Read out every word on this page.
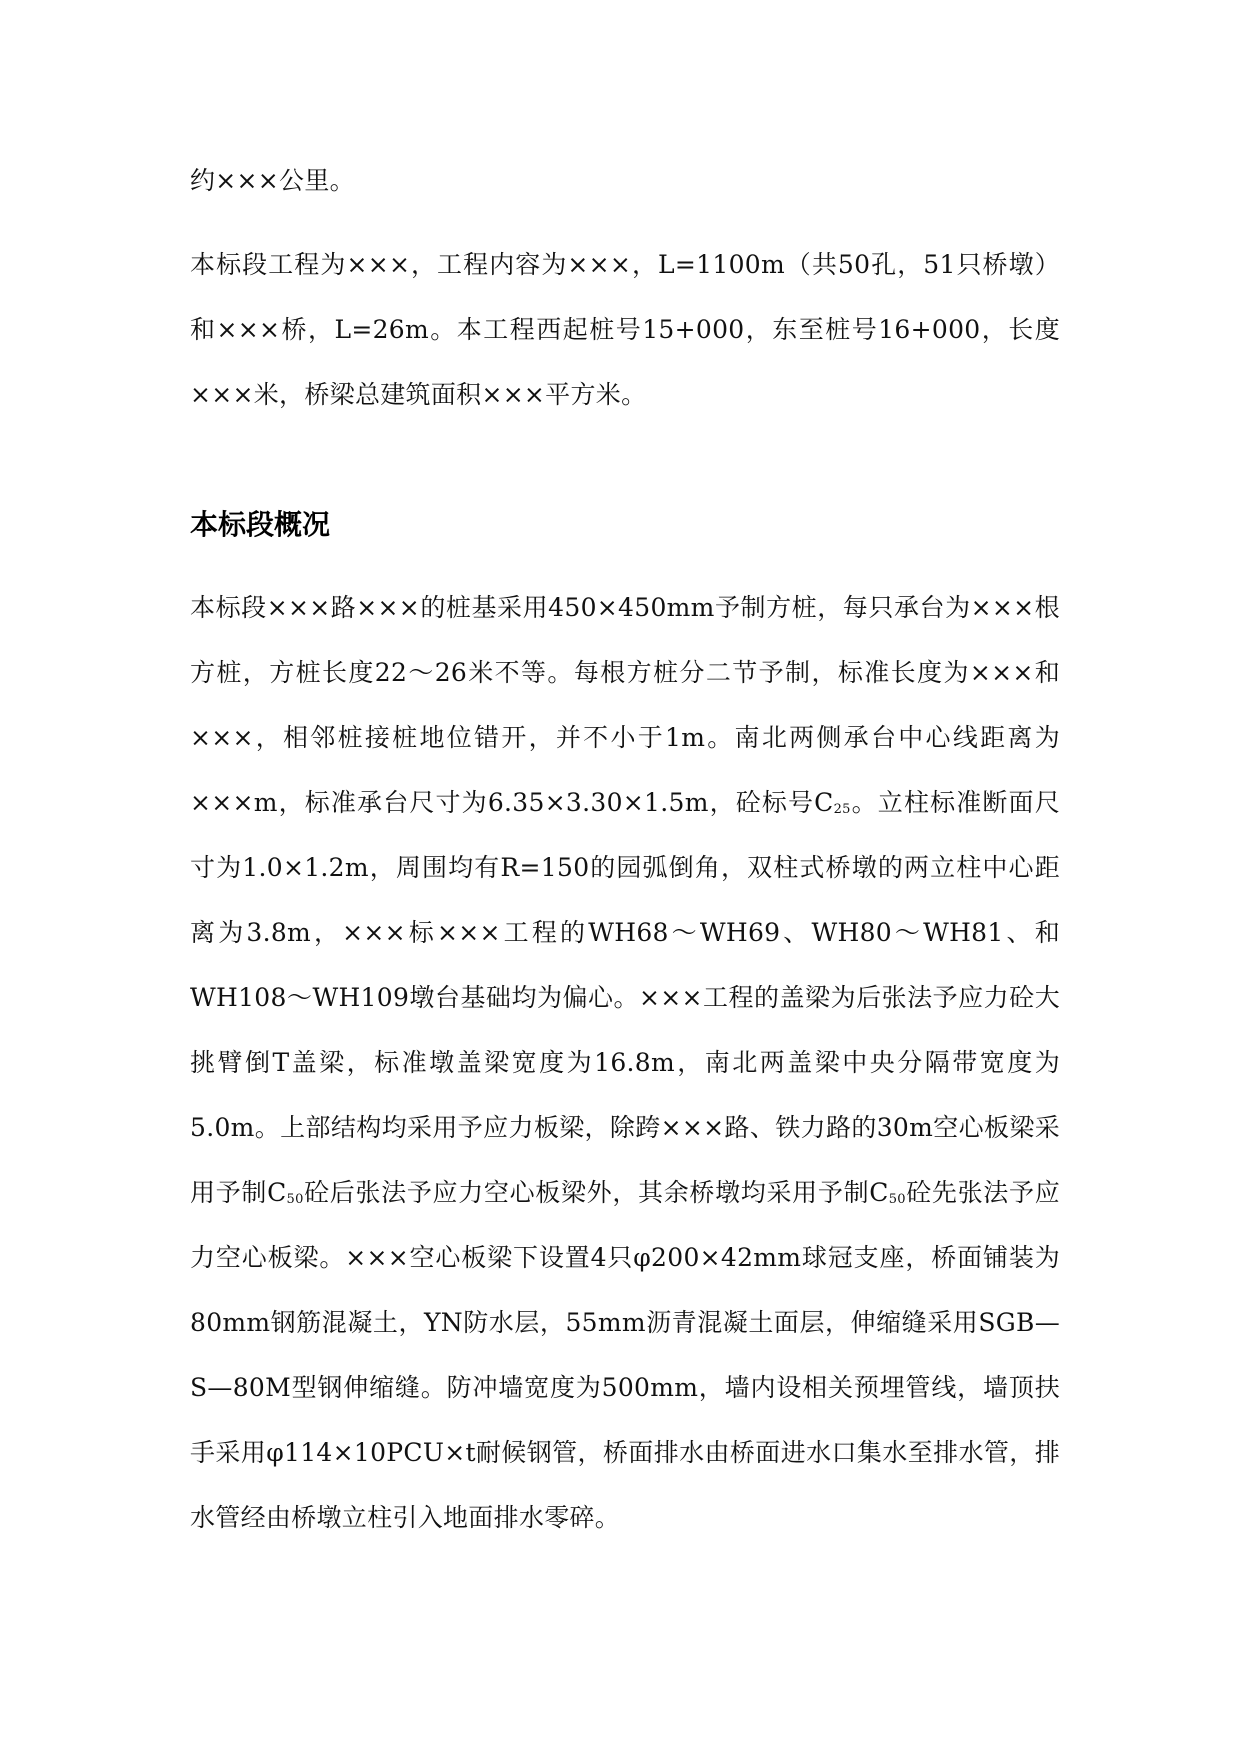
约×××公里。

本标段工程为×××，工程内容为×××，L=1100m（共50孔，51只桥墩）和×××桥，L=26m。本工程西起桩号15+000，东至桩号16+000，长度×××米，桥梁总建筑面积×××平方米。

本标段概况

本标段×××路×××的桩基采用450×450mm予制方桩，每只承台为×××根方桩，方桩长度22～26米不等。每根方桩分二节予制，标准长度为×××和×××，相邻桩接桩地位错开，并不小于1m。南北两侧承台中心线距离为×××m，标准承台尺寸为6.35×3.30×1.5m，砼标号$C_{25}$。立柱标准断面尺寸为1.0×1.2m，周围均有R=150的园弧倒角，双柱式桥墩的两立柱中心距离为3.8m，×××标×××工程的WH68～WH69、WH80～WH81、和WH108～WH109墩台基础均为偏心。×××工程的盖梁为后张法予应力砼大挑臂倒T盖梁，标准墩盖梁宽度为16.8m，南北两盖梁中央分隔带宽度为5.0m。上部结构均采用予应力板梁，除跨×××路、铁力路的30m空心板梁采用予制$C_{50}$砼后张法予应力空心板梁外，其余桥墩均采用予制$C_{50}$砼先张法予应力空心板梁。×××空心板梁下设置4只φ200×42mm球冠支座，桥面铺装为80mm钢筋混凝土，YN防水层，55mm沥青混凝土面层，伸缩缝采用SGB—S—80M型钢伸缩缝。防冲墙宽度为500mm，墙内设相关预埋管线，墙顶扶手采用φ114×10PCU×t耐候钢管，桥面排水由桥面进水口集水至排水管，排水管经由桥墩立柱引入地面排水零碎。
